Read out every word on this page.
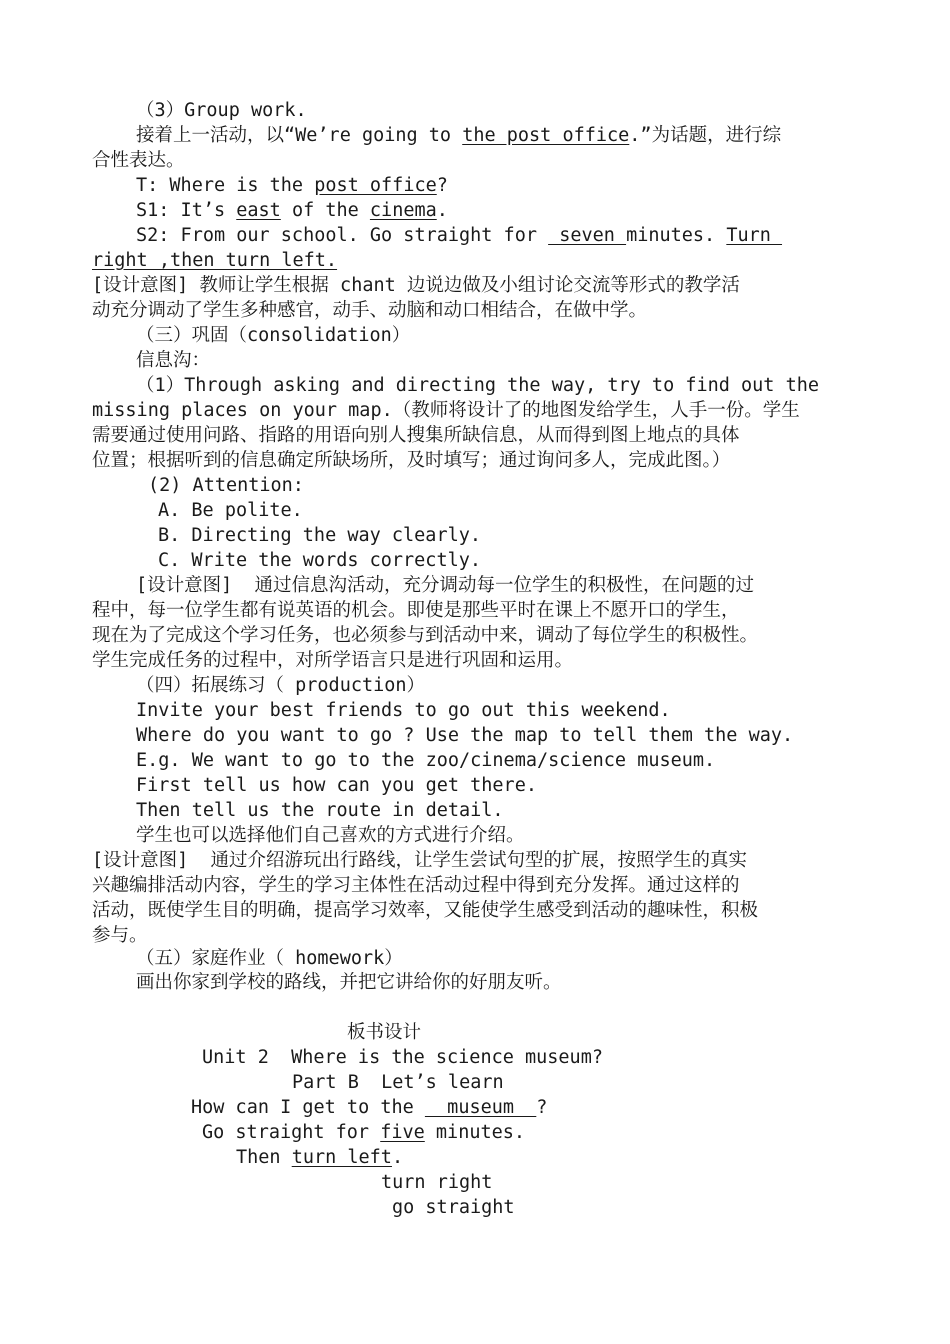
（3）Group work.
接着上一活动，以“We’re going to the post office.”为话题，进行综
合性表达。
T: Where is the post office?
S1: It’s east of the cinema.
S2: From our school. Go straight for  seven minutes. Turn
right ,then turn left.
[设计意图] 教师让学生根据 chant 边说边做及小组讨论交流等形式的教学活
动充分调动了学生多种感官，动手、动脑和动口相结合，在做中学。
（三）巩固（consolidation）
信息沟：
（1）Through asking and directing the way, try to find out the
missing places on your map.（教师将设计了的地图发给学生，人手一份。学生
需要通过使用问路、指路的用语向别人搜集所缺信息，从而得到图上地点的具体
位置；根据听到的信息确定所缺场所，及时填写；通过询问多人，完成此图。）
(2) Attention:
A. Be polite.
B. Directing the way clearly.
C. Write the words correctly.
[设计意图]  通过信息沟活动，充分调动每一位学生的积极性，在问题的过
程中，每一位学生都有说英语的机会。即使是那些平时在课上不愿开口的学生，
现在为了完成这个学习任务，也必须参与到活动中来，调动了每位学生的积极性。
学生完成任务的过程中，对所学语言只是进行巩固和运用。
（四）拓展练习（ production）
Invite your best friends to go out this weekend.
Where do you want to go ? Use the map to tell them the way.
E.g. We want to go to the zoo/cinema/science museum.
First tell us how can you get there.
Then tell us the route in detail.
学生也可以选择他们自己喜欢的方式进行介绍。
[设计意图]  通过介绍游玩出行路线，让学生尝试句型的扩展，按照学生的真实
兴趣编排活动内容，学生的学习主体性在活动过程中得到充分发挥。通过这样的
活动，既使学生目的明确，提高学习效率，又能使学生感受到活动的趣味性，积极
参与。
（五）家庭作业（ homework）
画出你家到学校的路线，并把它讲给你的好朋友听。
板书设计
Unit 2  Where is the science museum?
Part B  Let’s learn
How can I get to the   museum  ?
Go straight for five minutes.
Then turn left.
turn right
go straight
